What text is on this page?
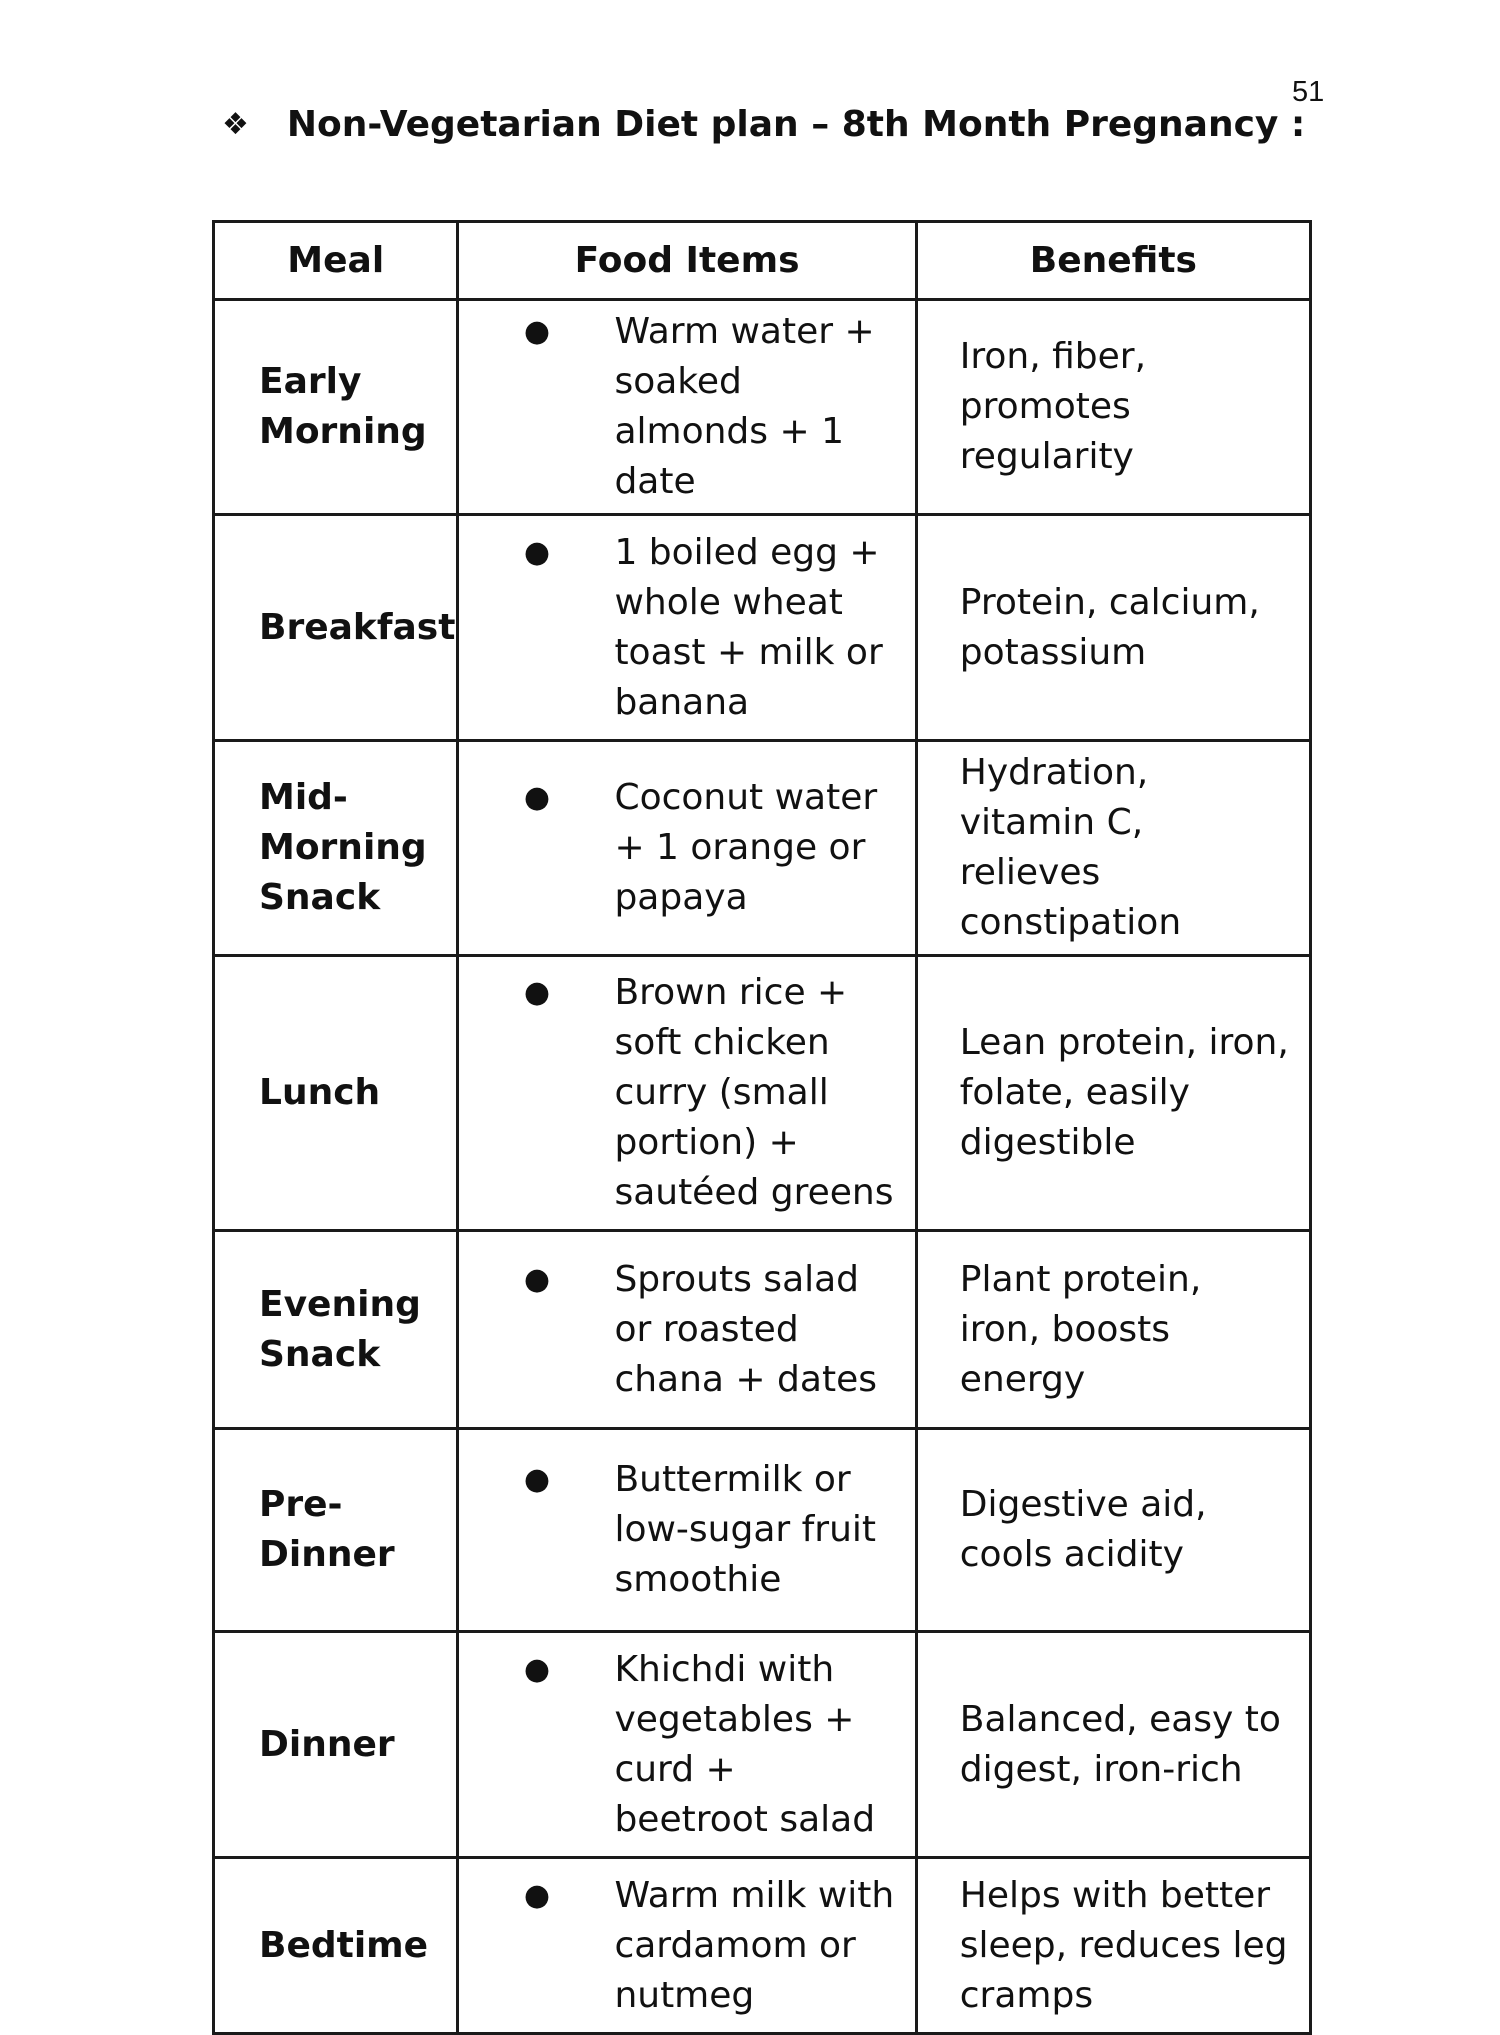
51
❖ Non-Vegetarian Diet plan – 8th Month Pregnancy :
Meal	Food Items	Benefits
Early Morning	● Warm water + soaked almonds + 1 date	Iron, fiber, promotes regularity
Breakfast	● 1 boiled egg + whole wheat toast + milk or banana	Protein, calcium, potassium
Mid-Morning Snack	● Coconut water + 1 orange or papaya	Hydration, vitamin C, relieves constipation
Lunch	● Brown rice + soft chicken curry (small portion) + sautéed greens	Lean protein, iron, folate, easily digestible
Evening Snack	● Sprouts salad or roasted chana + dates	Plant protein, iron, boosts energy
Pre-Dinner	● Buttermilk or low-sugar fruit smoothie	Digestive aid, cools acidity
Dinner	● Khichdi with vegetables + curd + beetroot salad	Balanced, easy to digest, iron-rich
Bedtime	● Warm milk with cardamom or nutmeg	Helps with better sleep, reduces leg cramps
